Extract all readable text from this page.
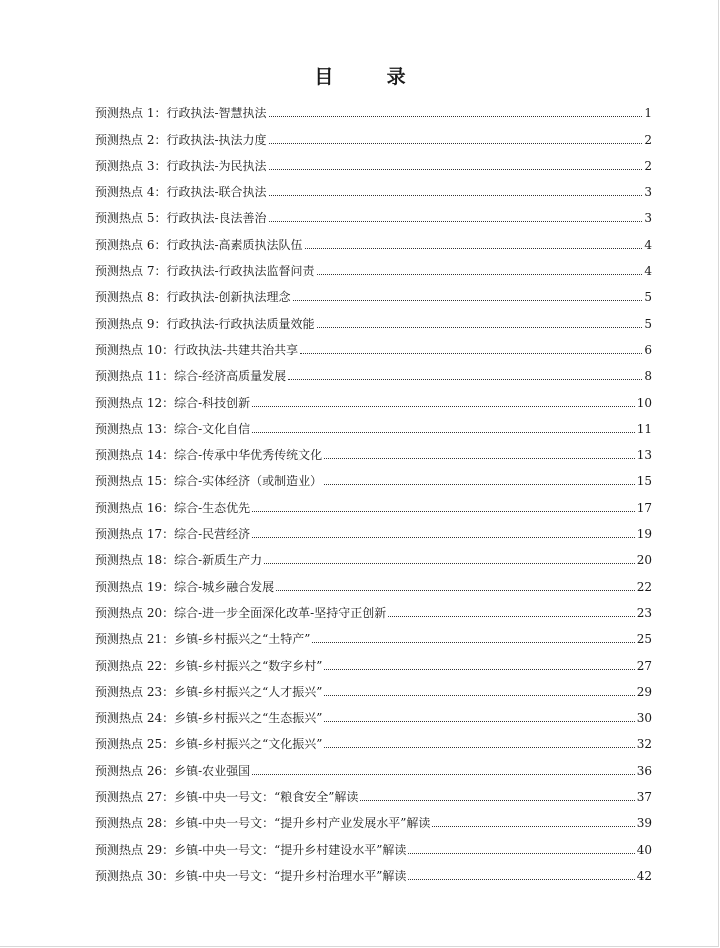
目　录
预测热点 1：行政执法-智慧执法	1
预测热点 2：行政执法-执法力度	2
预测热点 3：行政执法-为民执法	2
预测热点 4：行政执法-联合执法	3
预测热点 5：行政执法-良法善治	3
预测热点 6：行政执法-高素质执法队伍	4
预测热点 7：行政执法-行政执法监督问责	4
预测热点 8：行政执法-创新执法理念	5
预测热点 9：行政执法-行政执法质量效能	5
预测热点 10：行政执法-共建共治共享	6
预测热点 11：综合-经济高质量发展	8
预测热点 12：综合-科技创新	10
预测热点 13：综合-文化自信	11
预测热点 14：综合-传承中华优秀传统文化	13
预测热点 15：综合-实体经济（或制造业）	15
预测热点 16：综合-生态优先	17
预测热点 17：综合-民营经济	19
预测热点 18：综合-新质生产力	20
预测热点 19：综合-城乡融合发展	22
预测热点 20：综合-进一步全面深化改革-坚持守正创新	23
预测热点 21：乡镇-乡村振兴之“土特产”	25
预测热点 22：乡镇-乡村振兴之“数字乡村”	27
预测热点 23：乡镇-乡村振兴之“人才振兴”	29
预测热点 24：乡镇-乡村振兴之“生态振兴”	30
预测热点 25：乡镇-乡村振兴之“文化振兴”	32
预测热点 26：乡镇-农业强国	36
预测热点 27：乡镇-中央一号文：“粮食安全”解读	37
预测热点 28：乡镇-中央一号文：“提升乡村产业发展水平”解读	39
预测热点 29：乡镇-中央一号文：“提升乡村建设水平”解读	40
预测热点 30：乡镇-中央一号文：“提升乡村治理水平”解读	42
